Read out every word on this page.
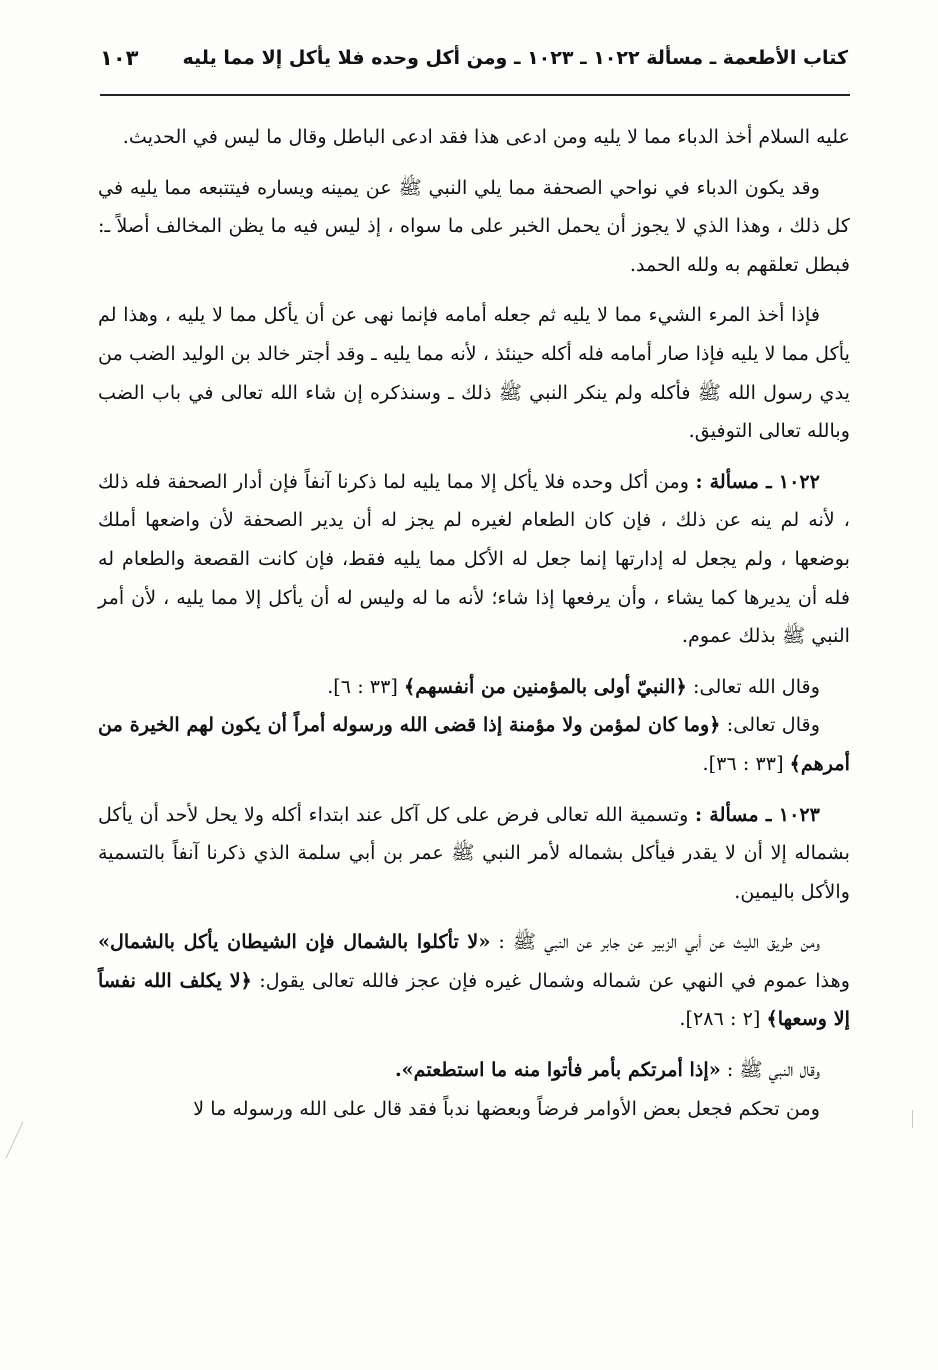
كتاب الأطعمة ـ مسألة ١٠٢٢ ـ ١٠٢٣ ـ ومن أكل وحده فلا يأكل إلا مما يليه
١٠٣

عليه السلام أخذ الدباء مما لا يليه ومن ادعى هذا فقد ادعى الباطل وقال ما ليس في الحديث.

وقد يكون الدباء في نواحي الصحفة مما يلي النبي ﷺ عن يمينه ويساره فيتتبعه مما يليه في كل ذلك ، وهذا الذي لا يجوز أن يحمل الخبر على ما سواه ، إذ ليس فيه ما يظن المخالف أصلاً ـ: فبطل تعلقهم به ولله الحمد.

فإذا أخذ المرء الشيء مما لا يليه ثم جعله أمامه فإنما نهى عن أن يأكل مما لا يليه ، وهذا لم يأكل مما لا يليه فإذا صار أمامه فله أكله حينئذ ، لأنه مما يليه ـ وقد أجتر خالد بن الوليد الضب من يدي رسول الله ﷺ فأكله ولم ينكر النبي ﷺ ذلك ـ وسنذكره إن شاء الله تعالى في باب الضب وبالله تعالى التوفيق.

١٠٢٢ ـ مسألة : ومن أكل وحده فلا يأكل إلا مما يليه لما ذكرنا آنفاً فإن أدار الصحفة فله ذلك ، لأنه لم ينه عن ذلك ، فإن كان الطعام لغيره لم يجز له أن يدير الصحفة لأن واضعها أملك بوضعها ، ولم يجعل له إدارتها إنما جعل له الأكل مما يليه فقط، فإن كانت القصعة والطعام له فله أن يديرها كما يشاء ، وأن يرفعها إذا شاء؛ لأنه ما له وليس له أن يأكل إلا مما يليه ، لأن أمر النبي ﷺ بذلك عموم.

وقال الله تعالى: ﴿النبيّ أولى بالمؤمنين من أنفسهم﴾ [٣٣ : ٦].

وقال تعالى: ﴿وما كان لمؤمن ولا مؤمنة إذا قضى الله ورسوله أمراً أن يكون لهم الخيرة من أمرهم﴾ [٣٣ : ٣٦].

١٠٢٣ ـ مسألة : وتسمية الله تعالى فرض على كل آكل عند ابتداء أكله ولا يحل لأحد أن يأكل بشماله إلا أن لا يقدر فيأكل بشماله لأمر النبي ﷺ عمر بن أبي سلمة الذي ذكرنا آنفاً بالتسمية والأكل باليمين.

ومن طريق الليث عن أبي الزبير عن جابر عن النبي ﷺ : «لا تأكلوا بالشمال فإن الشيطان يأكل بالشمال» وهذا عموم في النهي عن شماله وشمال غيره فإن عجز فالله تعالى يقول: ﴿لا يكلف الله نفساً إلا وسعها﴾ [٢ : ٢٨٦].

وقال النبي ﷺ : «إذا أمرتكم بأمر فأتوا منه ما استطعتم».

ومن تحكم فجعل بعض الأوامر فرضاً وبعضها ندباً فقد قال على الله ورسوله ما لا
